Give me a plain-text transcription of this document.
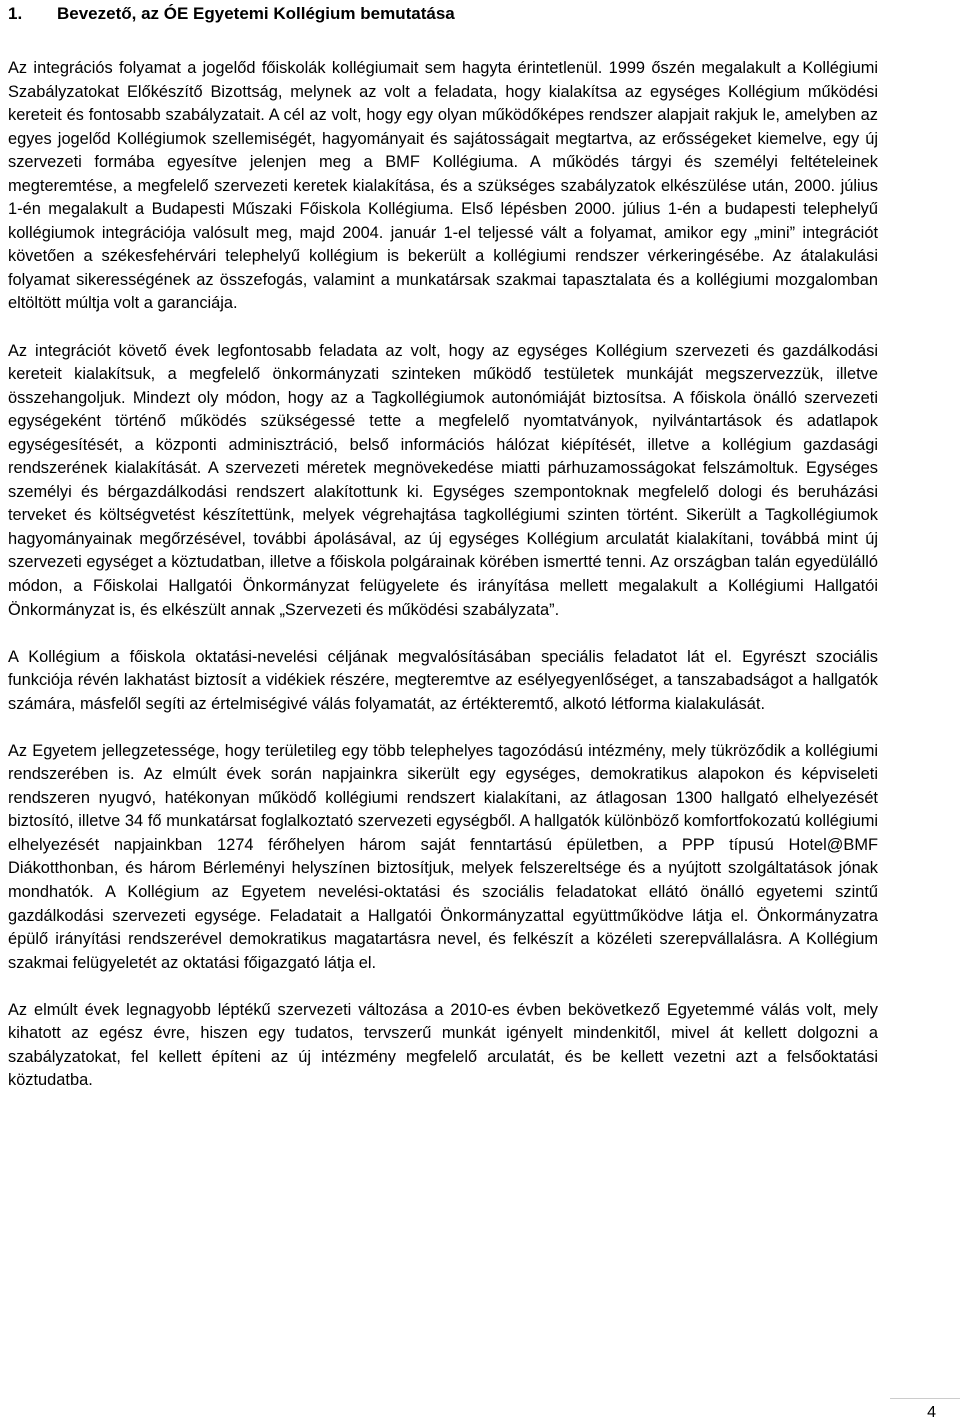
1.	Bevezető, az ÓE Egyetemi Kollégium bemutatása

Az integrációs folyamat a jogelőd főiskolák kollégiumait sem hagyta érintetlenül. 1999 őszén megalakult a Kollégiumi Szabályzatokat Előkészítő Bizottság, melynek az volt a feladata, hogy kialakítsa az egységes Kollégium működési kereteit és fontosabb szabályzatait. A cél az volt, hogy egy olyan működőképes rendszer alapjait rakjuk le, amelyben az egyes jogelőd Kollégiumok szellemiségét, hagyományait és sajátosságait megtartva, az erősségeket kiemelve, egy új szervezeti formába egyesítve jelenjen meg a BMF Kollégiuma. A működés tárgyi és személyi feltételeinek megteremtése, a megfelelő szervezeti keretek kialakítása, és a szükséges szabályzatok elkészülése után, 2000. július 1-én megalakult a Budapesti Műszaki Főiskola Kollégiuma. Első lépésben 2000. július 1-én a budapesti telephelyű kollégiumok integrációja valósult meg, majd 2004. január 1-el teljessé vált a folyamat, amikor egy „mini” integrációt követően a székesfehérvári telephelyű kollégium is bekerült a kollégiumi rendszer vérkeringésébe. Az átalakulási folyamat sikerességének az összefogás, valamint a munkatársak szakmai tapasztalata és a kollégiumi mozgalomban eltöltött múltja volt a garanciája.

Az integrációt követő évek legfontosabb feladata az volt, hogy az egységes Kollégium szervezeti és gazdálkodási kereteit kialakítsuk, a megfelelő önkormányzati szinteken működő testületek munkáját megszervezzük, illetve összehangoljuk. Mindezt oly módon, hogy az a Tagkollégiumok autonómiáját biztosítsa. A főiskola önálló szervezeti egységeként történő működés szükségessé tette a megfelelő nyomtatványok, nyilvántartások és adatlapok egységesítését, a központi adminisztráció, belső információs hálózat kiépítését, illetve a kollégium gazdasági rendszerének kialakítását. A szervezeti méretek megnövekedése miatti párhuzamosságokat felszámoltuk. Egységes személyi és bérgazdálkodási rendszert alakítottunk ki. Egységes szempontoknak megfelelő dologi és beruházási terveket és költségvetést készítettünk, melyek végrehajtása tagkollégiumi szinten történt. Sikerült a Tagkollégiumok hagyományainak megőrzésével, további ápolásával, az új egységes Kollégium arculatát kialakítani, továbbá mint új szervezeti egységet a köztudatban, illetve a főiskola polgárainak körében ismertté tenni. Az országban talán egyedülálló módon, a Főiskolai Hallgatói Önkormányzat felügyelete és irányítása mellett megalakult a Kollégiumi Hallgatói Önkormányzat is, és elkészült annak „Szervezeti és működési szabályzata”.

A Kollégium a főiskola oktatási-nevelési céljának megvalósításában speciális feladatot lát el. Egyrészt szociális funkciója révén lakhatást biztosít a vidékiek részére, megteremtve az esélyegyenlőséget, a tanszabadságot a hallgatók számára, másfelől segíti az értelmiségivé válás folyamatát, az értékteremtő, alkotó létforma kialakulását.

Az Egyetem jellegzetessége, hogy területileg egy több telephelyes tagozódású intézmény, mely tükröződik a kollégiumi rendszerében is. Az elmúlt évek során napjainkra sikerült egy egységes, demokratikus alapokon és képviseleti rendszeren nyugvó, hatékonyan működő kollégiumi rendszert kialakítani, az átlagosan 1300 hallgató elhelyezését biztosító, illetve 34 fő munkatársat foglalkoztató szervezeti egységből. A hallgatók különböző komfortfokozatú kollégiumi elhelyezését napjainkban 1274 férőhelyen három saját fenntartású épületben, a PPP típusú Hotel@BMF Diákotthonban, és három Bérleményi helyszínen biztosítjuk, melyek felszereltsége és a nyújtott szolgáltatások jónak mondhatók. A Kollégium az Egyetem nevelési-oktatási és szociális feladatokat ellátó önálló egyetemi szintű gazdálkodási szervezeti egysége. Feladatait a Hallgatói Önkormányzattal együttműködve látja el. Önkormányzatra épülő irányítási rendszerével demokratikus magatartásra nevel, és felkészít a közéleti szerepvállalásra. A Kollégium szakmai felügyeletét az oktatási főigazgató látja el.

Az elmúlt évek legnagyobb léptékű szervezeti változása a 2010-es évben bekövetkező Egyetemmé válás volt, mely kihatott az egész évre, hiszen egy tudatos, tervszerű munkát igényelt mindenkitől, mivel át kellett dolgozni a szabályzatokat, fel kellett építeni az új intézmény megfelelő arculatát, és be kellett vezetni azt a felsőoktatási köztudatba.

4
